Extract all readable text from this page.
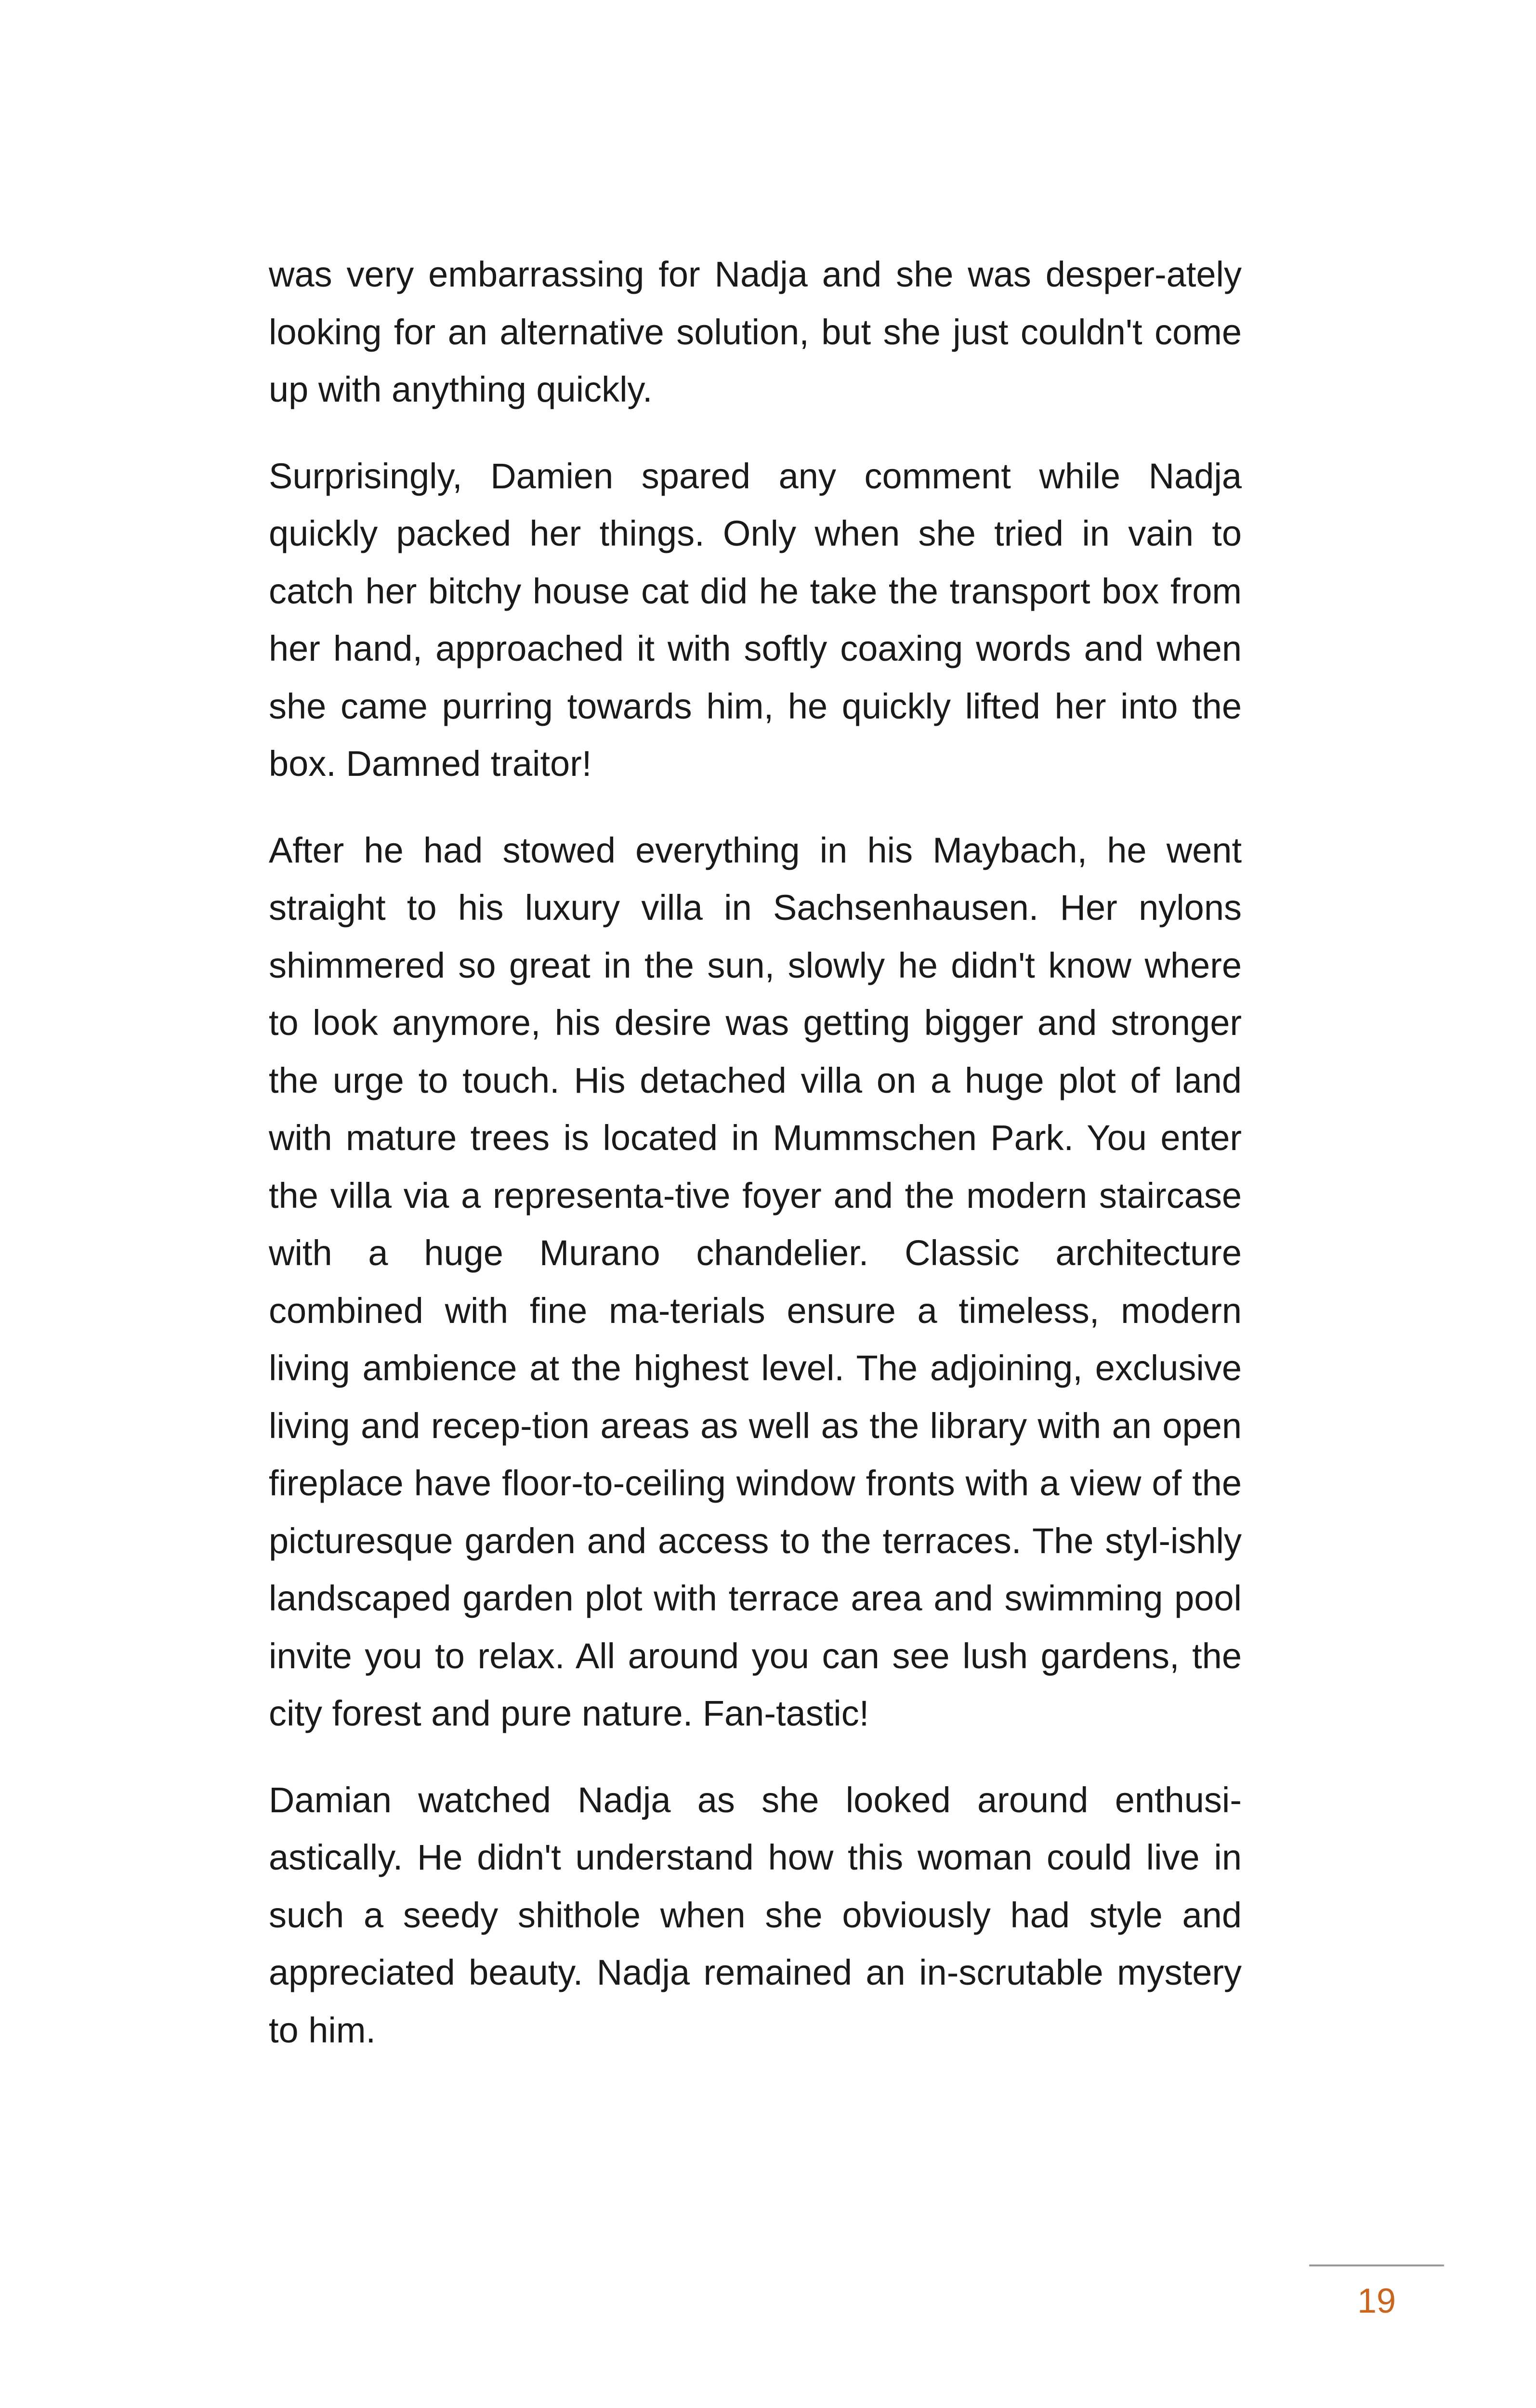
was very embarrassing for Nadja and she was desper-ately looking for an alternative solution, but she just couldn't come up with anything quickly.

Surprisingly, Damien spared any comment while Nadja quickly packed her things. Only when she tried in vain to catch her bitchy house cat did he take the transport box from her hand, approached it with softly coaxing words and when she came purring towards him, he quickly lifted her into the box. Damned traitor!

After he had stowed everything in his Maybach, he went straight to his luxury villa in Sachsenhausen. Her nylons shimmered so great in the sun, slowly he didn't know where to look anymore, his desire was getting bigger and stronger the urge to touch. His detached villa on a huge plot of land with mature trees is located in Mummschen Park. You enter the villa via a representa-tive foyer and the modern staircase with a huge Murano chandelier. Classic architecture combined with fine ma-terials ensure a timeless, modern living ambience at the highest level. The adjoining, exclusive living and recep-tion areas as well as the library with an open fireplace have floor-to-ceiling window fronts with a view of the picturesque garden and access to the terraces. The styl-ishly landscaped garden plot with terrace area and swimming pool invite you to relax. All around you can see lush gardens, the city forest and pure nature. Fan-tastic!

Damian watched Nadja as she looked around enthusi-astically. He didn't understand how this woman could live in such a seedy shithole when she obviously had style and appreciated beauty. Nadja remained an in-scrutable mystery to him.

19
